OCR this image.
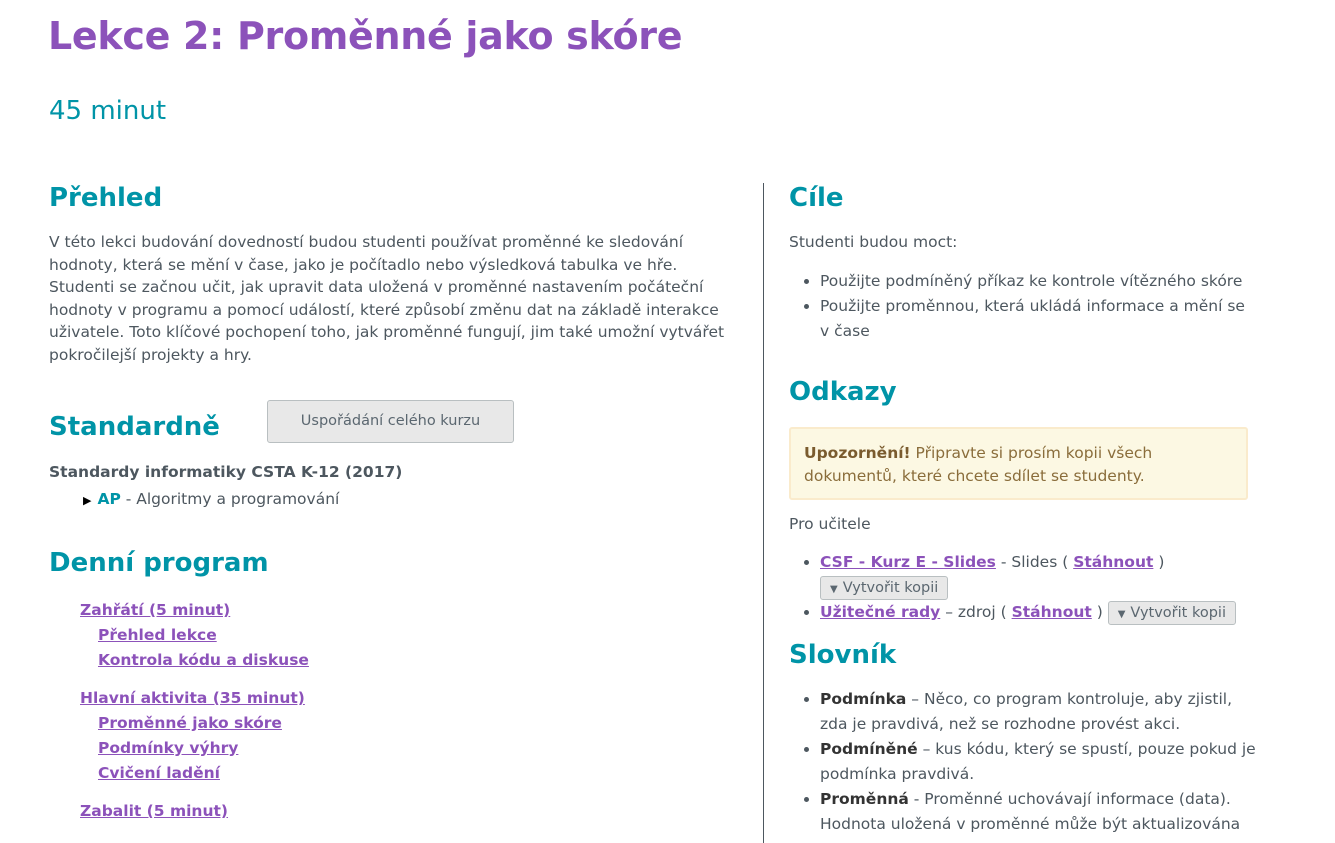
Lekce 2: Proměnné jako skóre
45 minut
Přehled

V této lekci budování dovedností budou studenti používat proměnné ke sledování hodnoty, která se mění v čase, jako je počítadlo nebo výsledková tabulka ve hře. Studenti se začnou učit, jak upravit data uložená v proměnné nastavením počáteční hodnoty v programu a pomocí událostí, které způsobí změnu dat na základě interakce uživatele. Toto klíčové pochopení toho, jak proměnné fungují, jim také umožní vytvářet pokročilejší projekty a hry.

Standardně	Uspořádání celého kurzu
Standardy informatiky CSTA K-12 (2017)
▶ AP - Algoritmy a programování
Denní program
Zahřátí (5 minut)
Přehled lekce
Kontrola kódu a diskuse
Hlavní aktivita (35 minut)
Proměnné jako skóre
Podmínky výhry
Cvičení ladění
Zabalit (5 minut)
Cíle
Studenti budou moct:
• Použijte podmíněný příkaz ke kontrole vítězného skóre
• Použijte proměnnou, která ukládá informace a mění se v čase
Odkazy
Upozornění! Připravte si prosím kopii všech dokumentů, které chcete sdílet se studenty.
Pro učitele
• CSF - Kurz E - Slides - Slides ( Stáhnout )
▼ Vytvořit kopii
• Užitečné rady – zdroj ( Stáhnout ) ▼ Vytvořit kopii
Slovník
• Podmínka – Něco, co program kontroluje, aby zjistil, zda je pravdivá, než se rozhodne provést akci.
• Podmíněné – kus kódu, který se spustí, pouze pokud je podmínka pravdivá.
• Proměnná - Proměnné uchovávají informace (data). Hodnota uložená v proměnné může být aktualizována
